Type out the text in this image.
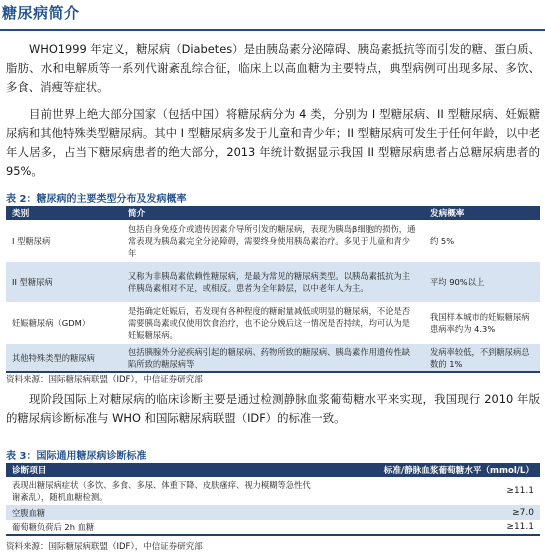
糖尿病简介

WHO1999 年定义，糖尿病（Diabetes）是由胰岛素分泌障碍、胰岛素抵抗等而引发的糖、蛋白质、脂肪、水和电解质等一系列代谢紊乱综合征，临床上以高血糖为主要特点，典型病例可出现多尿、多饮、多食、消瘦等症状。

目前世界上绝大部分国家（包括中国）将糖尿病分为 4 类，分别为 I 型糖尿病、II 型糖尿病、妊娠糖尿病和其他特殊类型糖尿病。其中 I 型糖尿病多发于儿童和青少年；II 型糖尿病可发生于任何年龄，以中老年人居多，占当下糖尿病患者的绝大部分，2013 年统计数据显示我国 II 型糖尿病患者占总糖尿病患者的 95%。

表 2：糖尿病的主要类型分布及发病概率
类别	简介	发病概率
I 型糖尿病	包括自身免疫介或遗传因素介导所引发的糖尿病，表现为胰岛β细胞的损伤，通常表现为胰岛素完全分泌障碍，需要终身使用胰岛素治疗。多见于儿童和青少年	约 5%
II 型糖尿病	又称为非胰岛素依赖性糖尿病，是最为常见的糖尿病类型。以胰岛素抵抗为主伴胰岛素相对不足，或相反。患者为全年龄层，以中老年人为主。	平均 90%以上
妊娠糖尿病（GDM）	是指确定妊娠后，若发现有各种程度的糖耐量减低或明显的糖尿病，不论是否需要胰岛素或仅使用饮食治疗，也不论分娩后这一情况是否持续，均可认为是妊娠糖尿病。	我国样本城市的妊娠糖尿病患病率约为 4.3%
其他特殊类型的糖尿病	包括胰腺外分泌疾病引起的糖尿病、药物所致的糖尿病、胰岛素作用遗传性缺陷所致的糖尿病等	发病率较低，不到糖尿病总数的 1%
资料来源：国际糖尿病联盟（IDF），中信证券研究部

现阶段国际上对糖尿病的临床诊断主要是通过检测静脉血浆葡萄糖水平来实现，我国现行 2010 年版的糖尿病诊断标准与 WHO 和国际糖尿病联盟（IDF）的标准一致。

表 3：国际通用糖尿病诊断标准
诊断项目	标准/静脉血浆葡萄糖水平（mmol/L）
表现出糖尿病症状（多饮、多食、多尿、体重下降、皮肤瘙痒、视力模糊等急性代谢紊乱），随机血糖检测。	≥11.1
空腹血糖	≥7.0
葡萄糖负荷后 2h 血糖	≥11.1
资料来源：国际糖尿病联盟（IDF），中信证券研究部
